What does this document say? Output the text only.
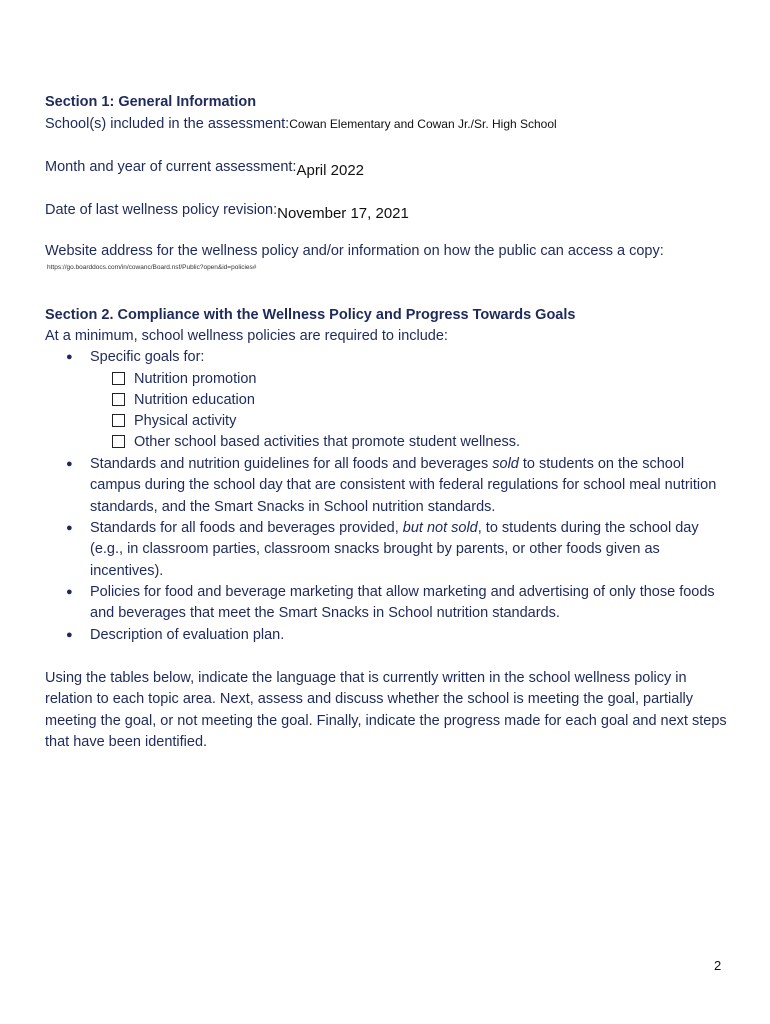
Section 1: General Information
School(s) included in the assessment:Cowan Elementary and Cowan Jr./Sr. High School
Month and year of current assessment:April 2022
Date of last wellness policy revision:November 17, 2021
Website address for the wellness policy and/or information on how the public can access a copy:
https://go.boarddocs.com/in/cowanc/Board.nsf/Public?open&id=policies#
Section 2. Compliance with the Wellness Policy and Progress Towards Goals
At a minimum, school wellness policies are required to include:
●	Specific goals for:
Nutrition promotion
Nutrition education
Physical activity
Other school based activities that promote student wellness.
●	Standards and nutrition guidelines for all foods and beverages sold to students on the school campus during the school day that are consistent with federal regulations for school meal nutrition standards, and the Smart Snacks in School nutrition standards.
●	Standards for all foods and beverages provided, but not sold, to students during the school day (e.g., in classroom parties, classroom snacks brought by parents, or other foods given as incentives).
●	Policies for food and beverage marketing that allow marketing and advertising of only those foods and beverages that meet the Smart Snacks in School nutrition standards.
●	Description of evaluation plan.
Using the tables below, indicate the language that is currently written in the school wellness policy in relation to each topic area. Next, assess and discuss whether the school is meeting the goal, partially meeting the goal, or not meeting the goal. Finally, indicate the progress made for each goal and next steps that have been identified.
2
